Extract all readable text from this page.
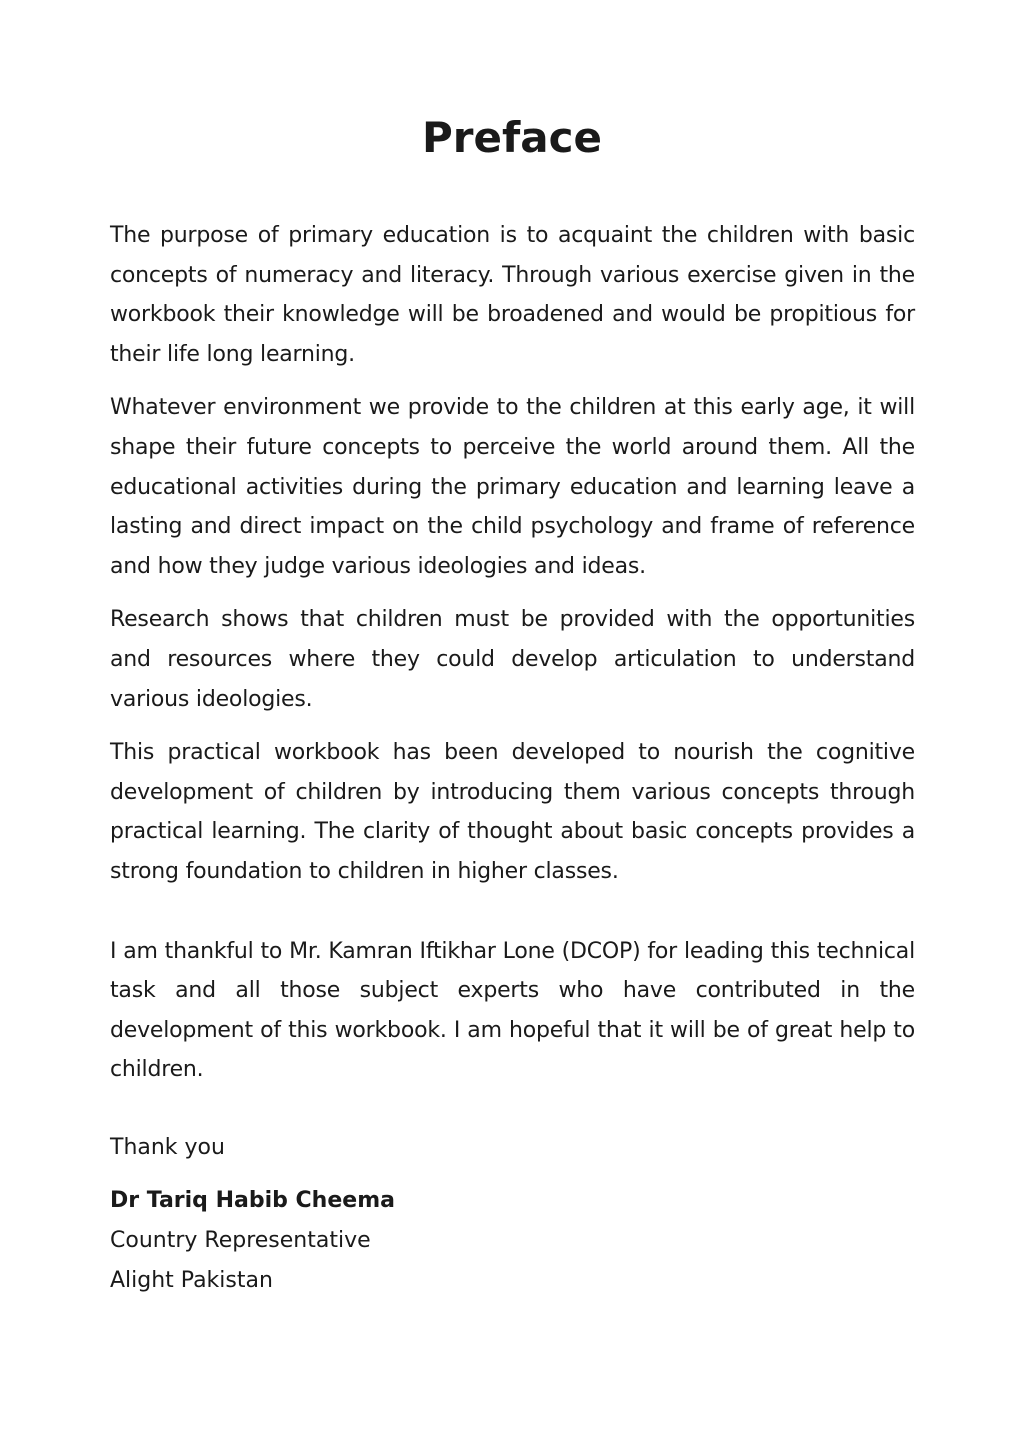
Preface

The purpose of primary education is to acquaint the children with basic concepts of numeracy and literacy. Through various exercise given in the workbook their knowledge will be broadened and would be propitious for their life long learning.

Whatever environment we provide to the children at this early age, it will shape their future concepts to perceive the world around them. All the educational activities during the primary education and learning leave a lasting and direct impact on the child psychology and frame of reference and how they judge various ideologies and ideas.

Research shows that children must be provided with the opportunities and resources where they could develop articulation to understand various ideologies.

This practical workbook has been developed to nourish the cognitive development of children by introducing them various concepts through practical learning. The clarity of thought about basic concepts provides a strong foundation to children in higher classes.

I am thankful to Mr. Kamran Iftikhar Lone (DCOP) for leading this technical task and all those subject experts who have contributed in the development of this workbook. I am hopeful that it will be of great help to children.

Thank you

Dr Tariq Habib Cheema

Country Representative

Alight Pakistan
